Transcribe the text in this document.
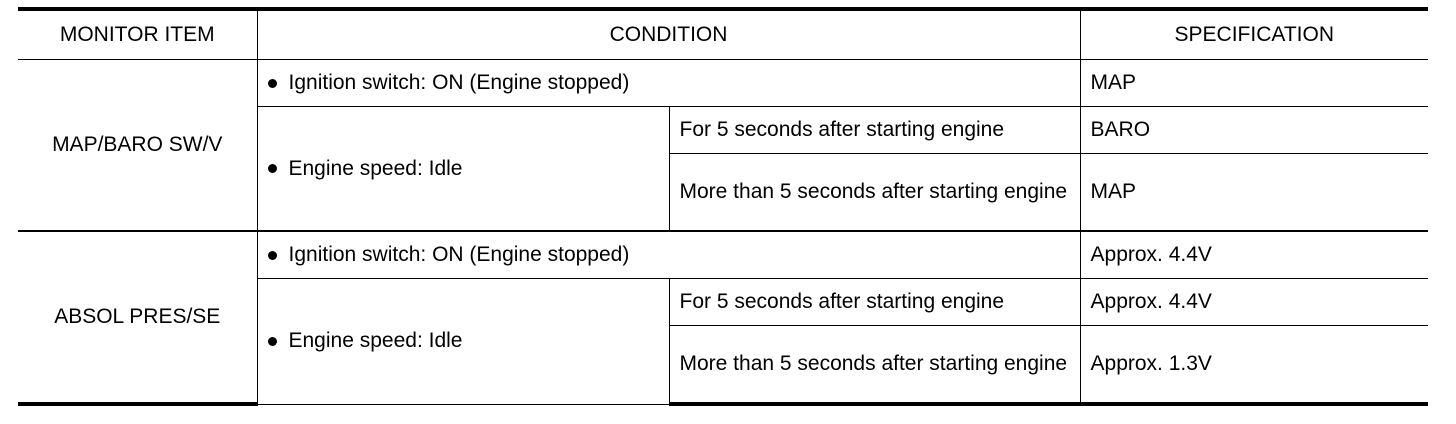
MONITOR ITEM	CONDITION		SPECIFICATION
MAP/BARO SW/V	Ignition switch: ON (Engine stopped)		MAP

	Engine speed: Idle	For 5 seconds after starting engine	BARO
		More than 5 seconds after starting engine	MAP
ABSOL PRES/SE	Ignition switch: ON (Engine stopped)		Approx. 4.4V

	Engine speed: Idle	For 5 seconds after starting engine	Approx. 4.4V
		More than 5 seconds after starting engine	Approx. 1.3V
